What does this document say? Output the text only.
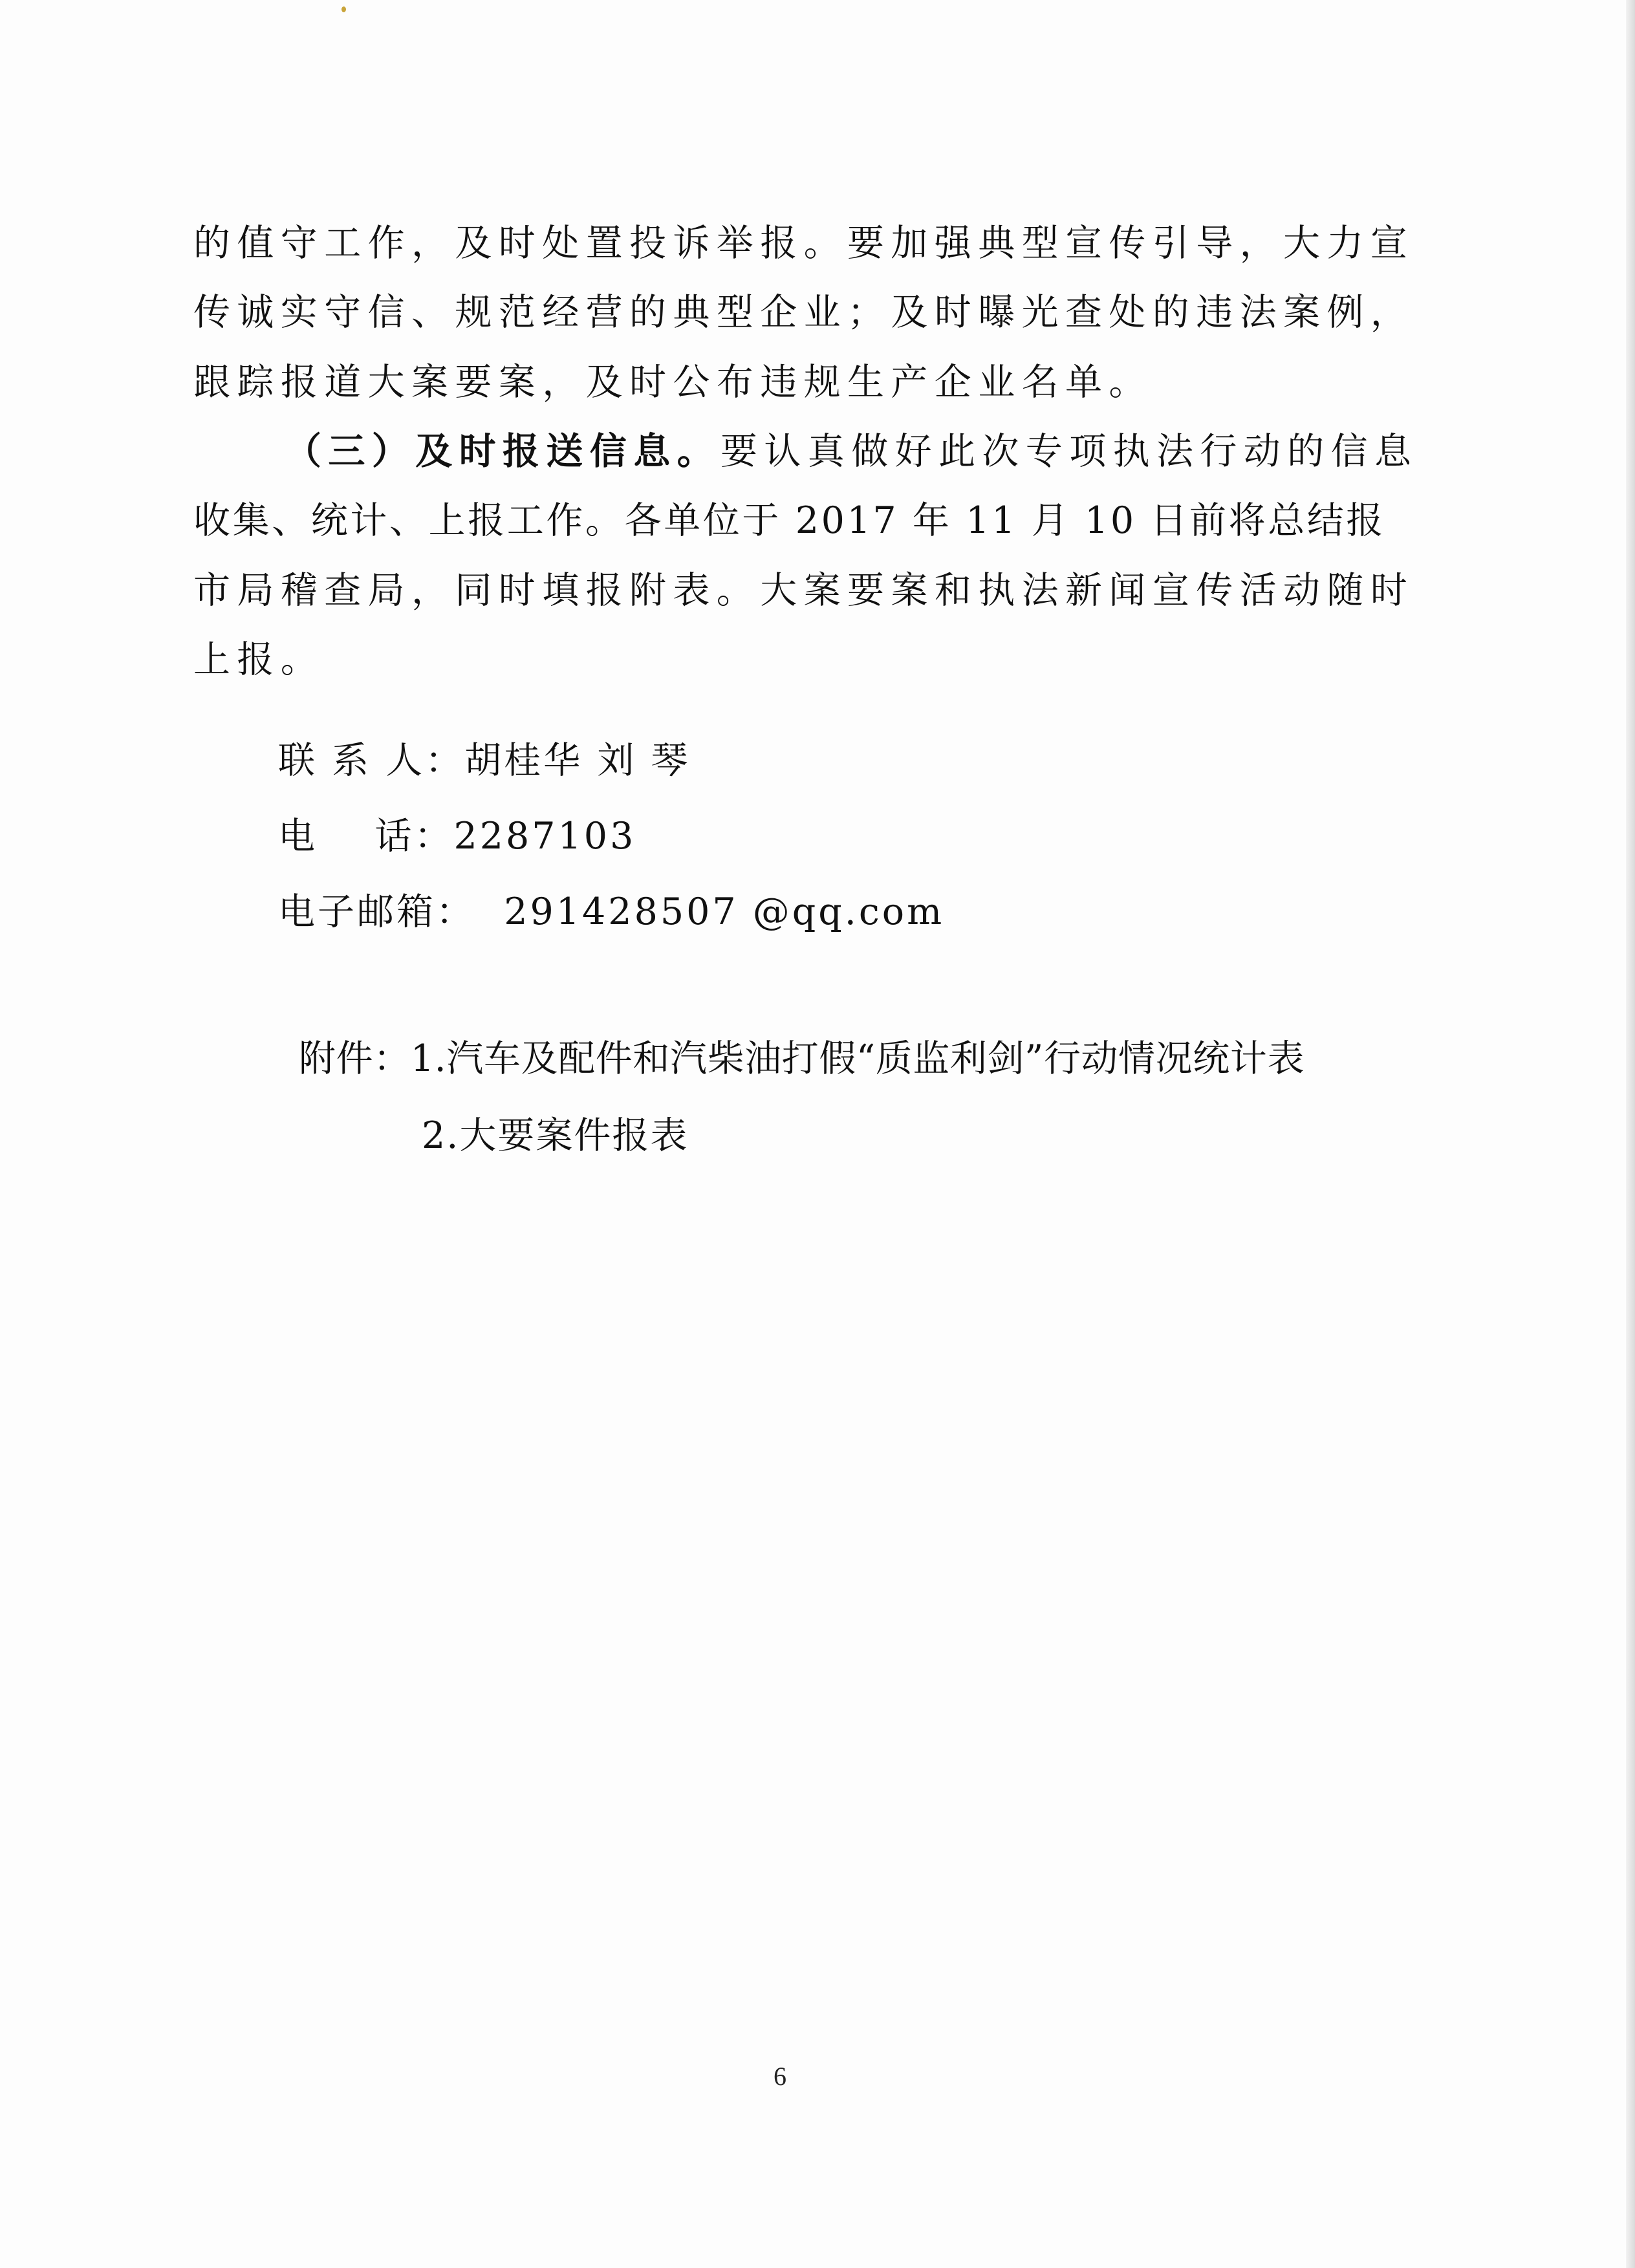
的值守工作，及时处置投诉举报。要加强典型宣传引导，大力宣
传诚实守信、规范经营的典型企业；及时曝光查处的违法案例，
跟踪报道大案要案，及时公布违规生产企业名单。
（三）及时报送信息。要认真做好此次专项执法行动的信息
收集、统计、上报工作。各单位于 2017 年 11 月 10 日前将总结报
市局稽查局，同时填报附表。大案要案和执法新闻宣传活动随时
上报。
联 系 人：胡桂华 刘 琴
电    话：2287103
电子邮箱：  291428507 @qq.com
附件：1.汽车及配件和汽柴油打假“质监利剑”行动情况统计表
2.大要案件报表
6
